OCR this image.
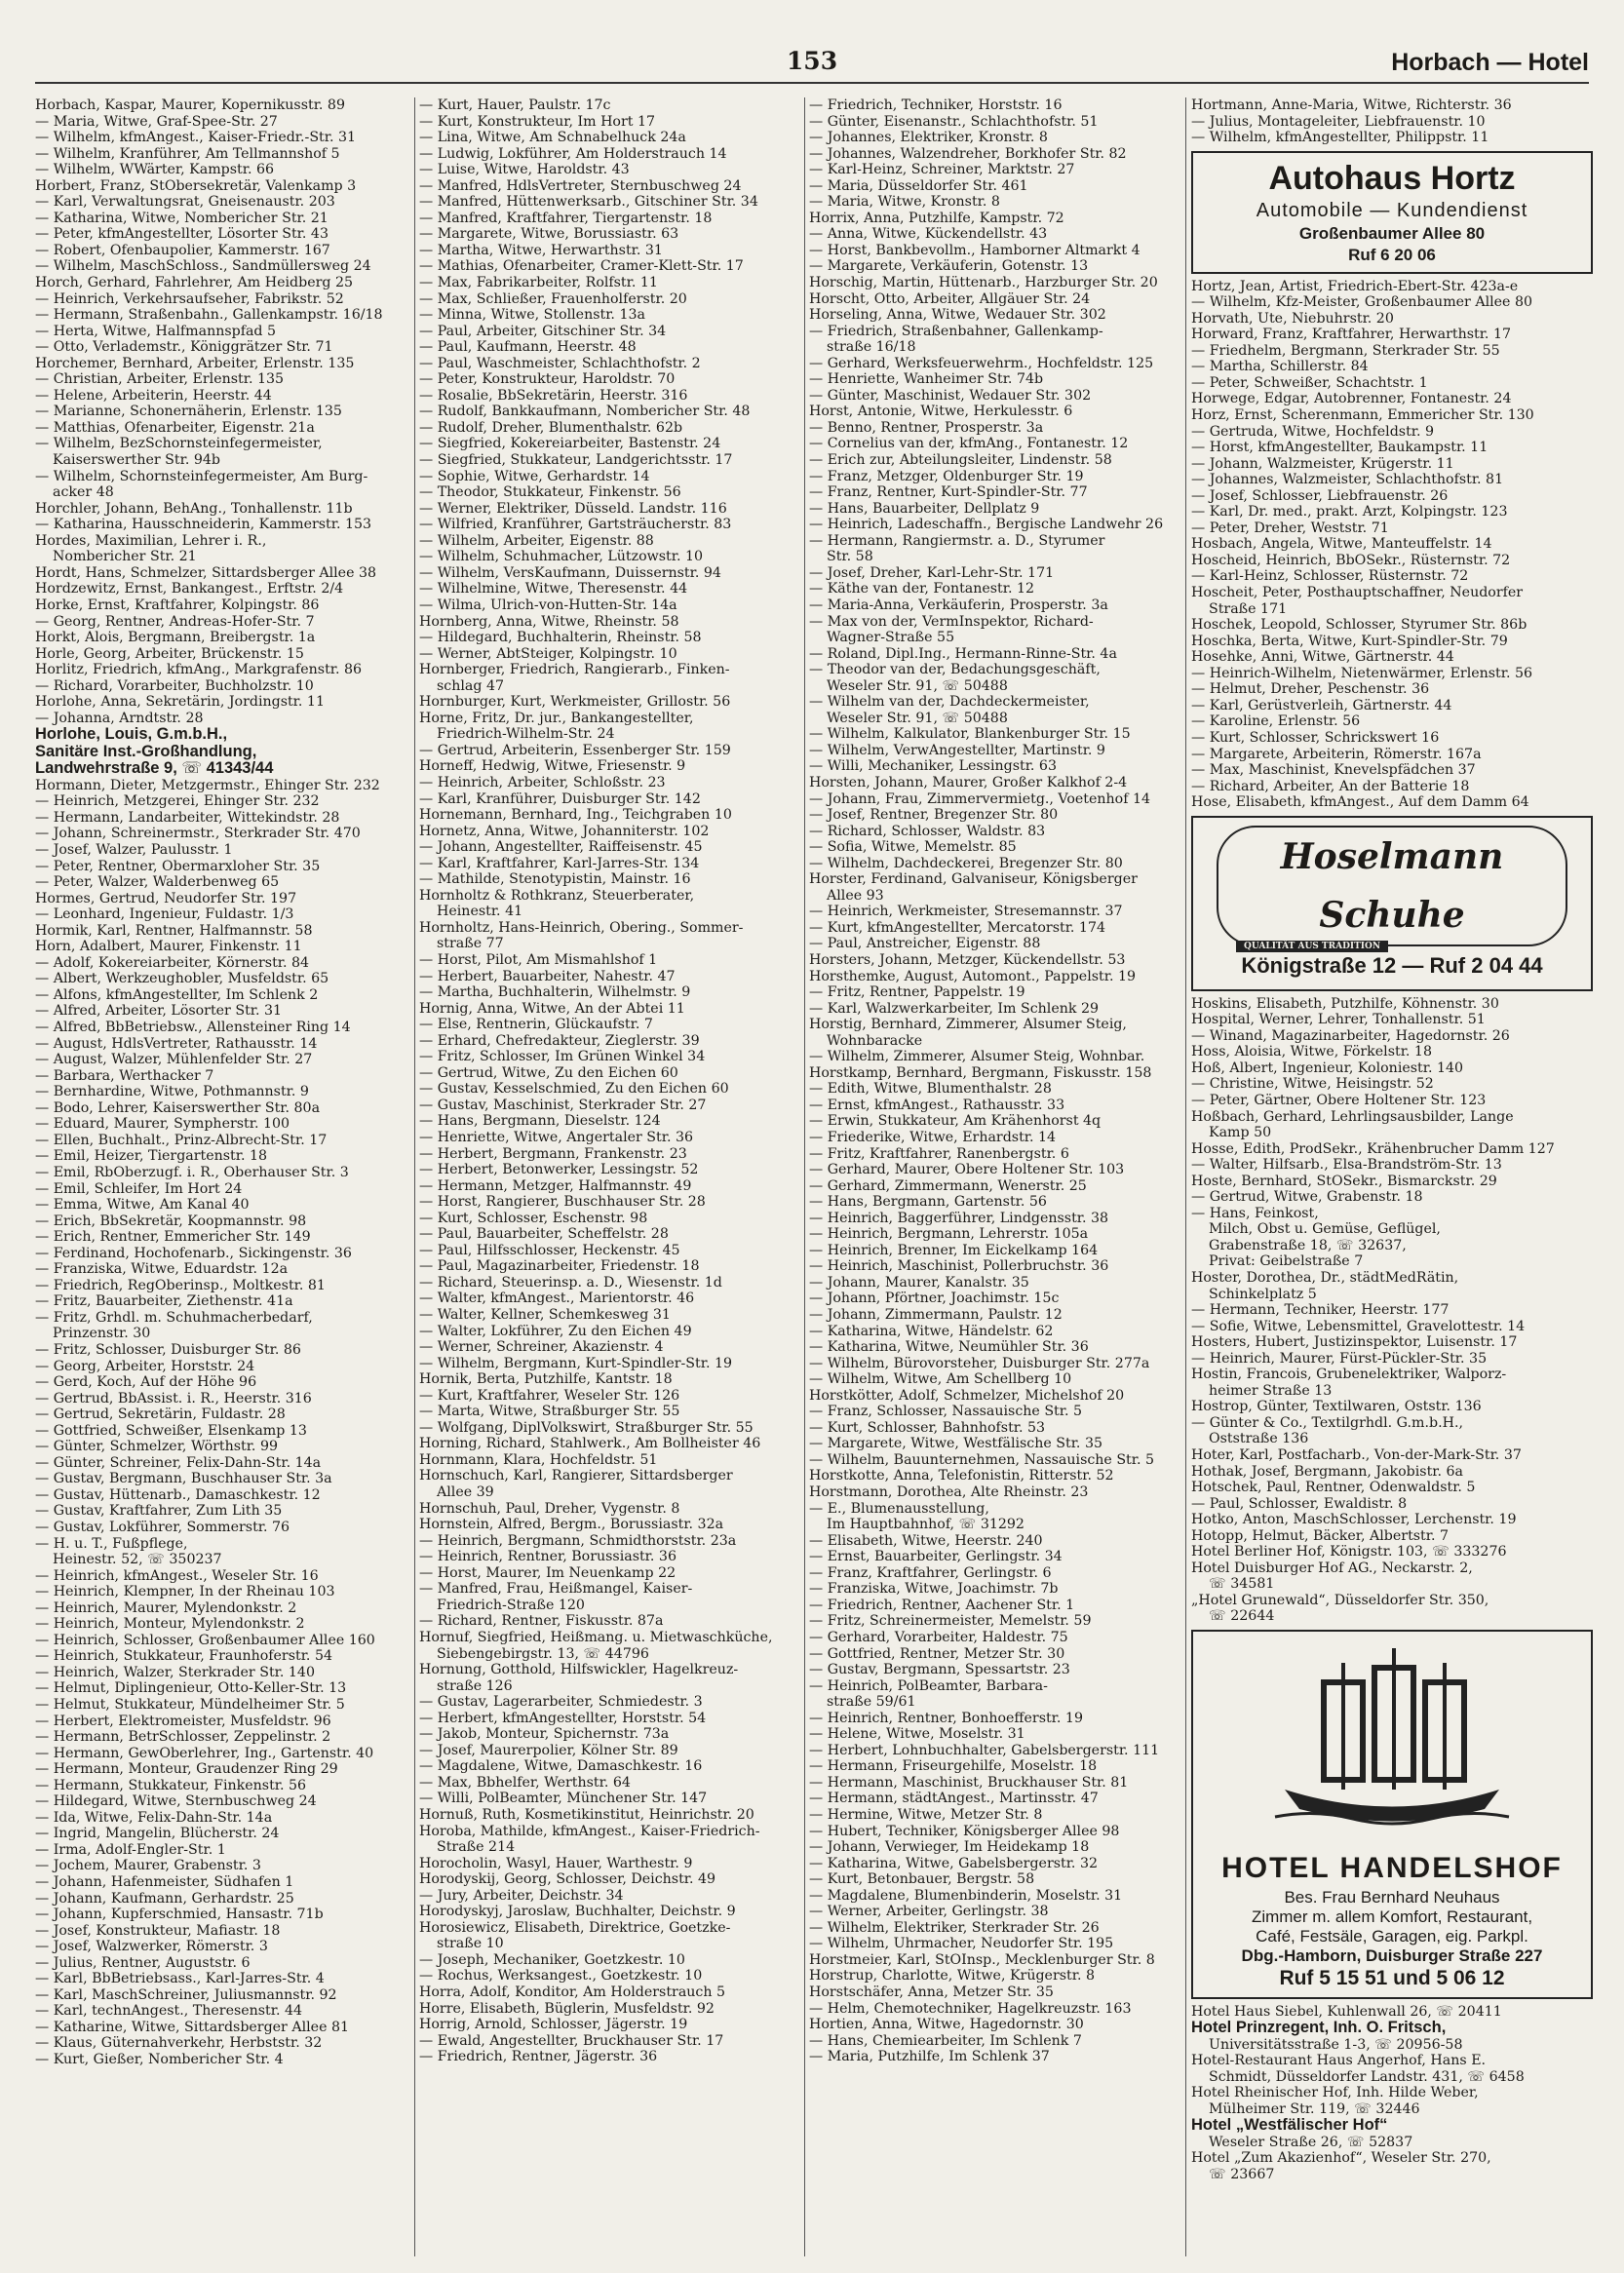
153	Horbach — Hotel
Horbach, Kaspar, Maurer, Kopernikusstr. 89
— Maria, Witwe, Graf-Spee-Str. 27
— Wilhelm, kfmAngest., Kaiser-Friedr.-Str. 31
— Wilhelm, Kranführer, Am Tellmannshof 5
— Wilhelm, WWärter, Kampstr. 66
Horbert, Franz, StObersekretär, Valenkamp 3
— Karl, Verwaltungsrat, Gneisenaustr. 203
— Katharina, Witwe, Nombericher Str. 21
— Peter, kfmAngestellter, Lösorter Str. 43
— Robert, Ofenbaupolier, Kammerstr. 167
— Wilhelm, MaschSchloss., Sandmüllersweg 24
Horch, Gerhard, Fahrlehrer, Am Heidberg 25
— Heinrich, Verkehrsaufseher, Fabrikstr. 52
— Hermann, Straßenbahn., Gallenkampstr. 16/18
— Herta, Witwe, Halfmannspfad 5
— Otto, Verlademstr., Königgrätzer Str. 71
Horchemer, Bernhard, Arbeiter, Erlenstr. 135
— Christian, Arbeiter, Erlenstr. 135
— Helene, Arbeiterin, Heerstr. 44
— Marianne, Schonernäherin, Erlenstr. 135
— Matthias, Ofenarbeiter, Eigenstr. 21a
— Wilhelm, BezSchornsteinfegermeister,
Kaiserswerther Str. 94b
— Wilhelm, Schornsteinfegermeister, Am Burg-
acker 48
Horchler, Johann, BehAng., Tonhallenstr. 11b
— Katharina, Hausschneiderin, Kammerstr. 153
Hordes, Maximilian, Lehrer i. R.,
Nombericher Str. 21
Hordt, Hans, Schmelzer, Sittardsberger Allee 38
Hordzewitz, Ernst, Bankangest., Erftstr. 2/4
Horke, Ernst, Kraftfahrer, Kolpingstr. 86
— Georg, Rentner, Andreas-Hofer-Str. 7
Horkt, Alois, Bergmann, Breibergstr. 1a
Horle, Georg, Arbeiter, Brückenstr. 15
Horlitz, Friedrich, kfmAng., Markgrafenstr. 86
— Richard, Vorarbeiter, Buchholzstr. 10
Horlohe, Anna, Sekretärin, Jordingstr. 11
— Johanna, Arndtstr. 28
Horlohe, Louis, G.m.b.H.,
Sanitäre Inst.-Großhandlung,
Landwehrstraße 9, ☏ 41343/44
Hormann, Dieter, Metzgermstr., Ehinger Str. 232
— Heinrich, Metzgerei, Ehinger Str. 232
— Hermann, Landarbeiter, Wittekindstr. 28
— Johann, Schreinermstr., Sterkrader Str. 470
— Josef, Walzer, Paulusstr. 1
— Peter, Rentner, Obermarxloher Str. 35
— Peter, Walzer, Walderbenweg 65
Hormes, Gertrud, Neudorfer Str. 197
— Leonhard, Ingenieur, Fuldastr. 1/3
Hormik, Karl, Rentner, Halfmannstr. 58
Horn, Adalbert, Maurer, Finkenstr. 11
— Adolf, Kokereiarbeiter, Körnerstr. 84
— Albert, Werkzeughobler, Musfeldstr. 65
— Alfons, kfmAngestellter, Im Schlenk 2
— Alfred, Arbeiter, Lösorter Str. 31
— Alfred, BbBetriebsw., Allensteiner Ring 14
— August, HdlsVertreter, Rathausstr. 14
— August, Walzer, Mühlenfelder Str. 27
— Barbara, Werthacker 7
— Bernhardine, Witwe, Pothmannstr. 9
— Bodo, Lehrer, Kaiserswerther Str. 80a
— Eduard, Maurer, Sympherstr. 100
— Ellen, Buchhalt., Prinz-Albrecht-Str. 17
— Emil, Heizer, Tiergartenstr. 18
— Emil, RbOberzugf. i. R., Oberhauser Str. 3
— Emil, Schleifer, Im Hort 24
— Emma, Witwe, Am Kanal 40
— Erich, BbSekretär, Koopmannstr. 98
— Erich, Rentner, Emmericher Str. 149
— Ferdinand, Hochofenarb., Sickingenstr. 36
— Franziska, Witwe, Eduardstr. 12a
— Friedrich, RegOberinsp., Moltkestr. 81
— Fritz, Bauarbeiter, Ziethenstr. 41a
— Fritz, Grhdl. m. Schuhmacherbedarf,
Prinzenstr. 30
— Fritz, Schlosser, Duisburger Str. 86
— Georg, Arbeiter, Horststr. 24
— Gerd, Koch, Auf der Höhe 96
— Gertrud, BbAssist. i. R., Heerstr. 316
— Gertrud, Sekretärin, Fuldastr. 28
— Gottfried, Schweißer, Elsenkamp 13
— Günter, Schmelzer, Wörthstr. 99
— Günter, Schreiner, Felix-Dahn-Str. 14a
— Gustav, Bergmann, Buschhauser Str. 3a
— Gustav, Hüttenarb., Damaschkestr. 12
— Gustav, Kraftfahrer, Zum Lith 35
— Gustav, Lokführer, Sommerstr. 76
— H. u. T., Fußpflege,
Heinestr. 52, ☏ 350237
— Heinrich, kfmAngest., Weseler Str. 16
— Heinrich, Klempner, In der Rheinau 103
— Heinrich, Maurer, Mylendonkstr. 2
— Heinrich, Monteur, Mylendonkstr. 2
— Heinrich, Schlosser, Großenbaumer Allee 160
— Heinrich, Stukkateur, Fraunhoferstr. 54
— Heinrich, Walzer, Sterkrader Str. 140
— Helmut, Diplingenieur, Otto-Keller-Str. 13
— Helmut, Stukkateur, Mündelheimer Str. 5
— Herbert, Elektromeister, Musfeldstr. 96
— Hermann, BetrSchlosser, Zeppelinstr. 2
— Hermann, GewOberlehrer, Ing., Gartenstr. 40
— Hermann, Monteur, Graudenzer Ring 29
— Hermann, Stukkateur, Finkenstr. 56
— Hildegard, Witwe, Sternbuschweg 24
— Ida, Witwe, Felix-Dahn-Str. 14a
— Ingrid, Mangelin, Blücherstr. 24
— Irma, Adolf-Engler-Str. 1
— Jochem, Maurer, Grabenstr. 3
— Johann, Hafenmeister, Südhafen 1
— Johann, Kaufmann, Gerhardstr. 25
— Johann, Kupferschmied, Hansastr. 71b
— Josef, Konstrukteur, Mafiastr. 18
— Josef, Walzwerker, Römerstr. 3
— Julius, Rentner, Auguststr. 6
— Karl, BbBetriebsass., Karl-Jarres-Str. 4
— Karl, MaschSchreiner, Juliusmannstr. 92
— Karl, technAngest., Theresenstr. 44
— Katharine, Witwe, Sittardsberger Allee 81
— Klaus, Güternahverkehr, Herbststr. 32
— Kurt, Gießer, Nombericher Str. 4
— Kurt, Hauer, Paulstr. 17c
— Kurt, Konstrukteur, Im Hort 17
— Lina, Witwe, Am Schnabelhuck 24a
— Ludwig, Lokführer, Am Holderstrauch 14
— Luise, Witwe, Haroldstr. 43
— Manfred, HdlsVertreter, Sternbuschweg 24
— Manfred, Hüttenwerksarb., Gitschiner Str. 34
— Manfred, Kraftfahrer, Tiergartenstr. 18
— Margarete, Witwe, Borussiastr. 63
— Martha, Witwe, Herwarthstr. 31
— Mathias, Ofenarbeiter, Cramer-Klett-Str. 17
— Max, Fabrikarbeiter, Rolfstr. 11
— Max, Schließer, Frauenholferstr. 20
— Minna, Witwe, Stollenstr. 13a
— Paul, Arbeiter, Gitschiner Str. 34
— Paul, Kaufmann, Heerstr. 48
— Paul, Waschmeister, Schlachthofstr. 2
— Peter, Konstrukteur, Haroldstr. 70
— Rosalie, BbSekretärin, Heerstr. 316
— Rudolf, Bankkaufmann, Nombericher Str. 48
— Rudolf, Dreher, Blumenthalstr. 62b
— Siegfried, Kokereiarbeiter, Bastenstr. 24
— Siegfried, Stukkateur, Landgerichtsstr. 17
— Sophie, Witwe, Gerhardstr. 14
— Theodor, Stukkateur, Finkenstr. 56
— Werner, Elektriker, Düsseld. Landstr. 116
— Wilfried, Kranführer, Gartsträucherstr. 83
— Wilhelm, Arbeiter, Eigenstr. 88
— Wilhelm, Schuhmacher, Lützowstr. 10
— Wilhelm, VersKaufmann, Duissernstr. 94
— Wilhelmine, Witwe, Theresenstr. 44
— Wilma, Ulrich-von-Hutten-Str. 14a
Hornberg, Anna, Witwe, Rheinstr. 58
— Hildegard, Buchhalterin, Rheinstr. 58
— Werner, AbtSteiger, Kolpingstr. 10
Hornberger, Friedrich, Rangierarb., Finken-
schlag 47
Hornburger, Kurt, Werkmeister, Grillostr. 56
Horne, Fritz, Dr. jur., Bankangestellter,
Friedrich-Wilhelm-Str. 24
— Gertrud, Arbeiterin, Essenberger Str. 159
Horneff, Hedwig, Witwe, Friesenstr. 9
— Heinrich, Arbeiter, Schloßstr. 23
— Karl, Kranführer, Duisburger Str. 142
Hornemann, Bernhard, Ing., Teichgraben 10
Hornetz, Anna, Witwe, Johanniterstr. 102
— Johann, Angestellter, Raiffeisenstr. 45
— Karl, Kraftfahrer, Karl-Jarres-Str. 134
— Mathilde, Stenotypistin, Mainstr. 16
Hornholtz & Rothkranz, Steuerberater,
Heinestr. 41
Hornholtz, Hans-Heinrich, Obering., Sommer-
straße 77
— Horst, Pilot, Am Mismahlshof 1
— Herbert, Bauarbeiter, Nahestr. 47
— Martha, Buchhalterin, Wilhelmstr. 9
Hornig, Anna, Witwe, An der Abtei 11
— Else, Rentnerin, Glückaufstr. 7
— Erhard, Chefredakteur, Zieglerstr. 39
— Fritz, Schlosser, Im Grünen Winkel 34
— Gertrud, Witwe, Zu den Eichen 60
— Gustav, Kesselschmied, Zu den Eichen 60
— Gustav, Maschinist, Sterkrader Str. 27
— Hans, Bergmann, Dieselstr. 124
— Henriette, Witwe, Angertaler Str. 36
— Herbert, Bergmann, Frankenstr. 23
— Herbert, Betonwerker, Lessingstr. 52
— Hermann, Metzger, Halfmannstr. 49
— Horst, Rangierer, Buschhauser Str. 28
— Kurt, Schlosser, Eschenstr. 98
— Paul, Bauarbeiter, Scheffelstr. 28
— Paul, Hilfsschlosser, Heckenstr. 45
— Paul, Magazinarbeiter, Friedenstr. 18
— Richard, Steuerinsp. a. D., Wiesenstr. 1d
— Walter, kfmAngest., Marientorstr. 46
— Walter, Kellner, Schemkesweg 31
— Walter, Lokführer, Zu den Eichen 49
— Werner, Schreiner, Akazienstr. 4
— Wilhelm, Bergmann, Kurt-Spindler-Str. 19
Hornik, Berta, Putzhilfe, Kantstr. 18
— Kurt, Kraftfahrer, Weseler Str. 126
— Marta, Witwe, Straßburger Str. 55
— Wolfgang, DiplVolkswirt, Straßburger Str. 55
Horning, Richard, Stahlwerk., Am Bollheister 46
Hornmann, Klara, Hochfeldstr. 51
Hornschuch, Karl, Rangierer, Sittardsberger
Allee 39
Hornschuh, Paul, Dreher, Vygenstr. 8
Hornstein, Alfred, Bergm., Borussiastr. 32a
— Heinrich, Bergmann, Schmidthorststr. 23a
— Heinrich, Rentner, Borussiastr. 36
— Horst, Maurer, Im Neuenkamp 22
— Manfred, Frau, Heißmangel, Kaiser-
Friedrich-Straße 120
— Richard, Rentner, Fiskusstr. 87a
Hornuf, Siegfried, Heißmang. u. Mietwaschküche,
Siebengebirgstr. 13, ☏ 44796
Hornung, Gotthold, Hilfswickler, Hagelkreuz-
straße 126
— Gustav, Lagerarbeiter, Schmiedestr. 3
— Herbert, kfmAngestellter, Horststr. 54
— Jakob, Monteur, Spichernstr. 73a
— Josef, Maurerpolier, Kölner Str. 89
— Magdalene, Witwe, Damaschkestr. 16
— Max, Bbhelfer, Werthstr. 64
— Willi, PolBeamter, Münchener Str. 147
Hornuß, Ruth, Kosmetikinstitut, Heinrichstr. 20
Horoba, Mathilde, kfmAngest., Kaiser-Friedrich-
Straße 214
Horocholin, Wasyl, Hauer, Warthestr. 9
Horodyskij, Georg, Schlosser, Deichstr. 49
— Jury, Arbeiter, Deichstr. 34
Horodyskyj, Jaroslaw, Buchhalter, Deichstr. 9
Horosiewicz, Elisabeth, Direktrice, Goetzke-
straße 10
— Joseph, Mechaniker, Goetzkestr. 10
— Rochus, Werksangest., Goetzkestr. 10
Horra, Adolf, Konditor, Am Holderstrauch 5
Horre, Elisabeth, Büglerin, Musfeldstr. 92
Horrig, Arnold, Schlosser, Jägerstr. 19
— Ewald, Angestellter, Bruckhauser Str. 17
— Friedrich, Rentner, Jägerstr. 36
— Friedrich, Techniker, Horststr. 16
— Günter, Eisenanstr., Schlachthofstr. 51
— Johannes, Elektriker, Kronstr. 8
— Johannes, Walzendreher, Borkhofer Str. 82
— Karl-Heinz, Schreiner, Marktstr. 27
— Maria, Düsseldorfer Str. 461
— Maria, Witwe, Kronstr. 8
Horrix, Anna, Putzhilfe, Kampstr. 72
— Anna, Witwe, Kückendellstr. 43
— Horst, Bankbevollm., Hamborner Altmarkt 4
— Margarete, Verkäuferin, Gotenstr. 13
Horschig, Martin, Hüttenarb., Harzburger Str. 20
Horscht, Otto, Arbeiter, Allgäuer Str. 24
Horseling, Anna, Witwe, Wedauer Str. 302
— Friedrich, Straßenbahner, Gallenkamp-
straße 16/18
— Gerhard, Werksfeuerwehrm., Hochfeldstr. 125
— Henriette, Wanheimer Str. 74b
— Günter, Maschinist, Wedauer Str. 302
Horst, Antonie, Witwe, Herkulesstr. 6
— Benno, Rentner, Prosperstr. 3a
— Cornelius van der, kfmAng., Fontanestr. 12
— Erich zur, Abteilungsleiter, Lindenstr. 58
— Franz, Metzger, Oldenburger Str. 19
— Franz, Rentner, Kurt-Spindler-Str. 77
— Hans, Bauarbeiter, Dellplatz 9
— Heinrich, Ladeschaffn., Bergische Landwehr 26
— Hermann, Rangiermstr. a. D., Styrumer
Str. 58
— Josef, Dreher, Karl-Lehr-Str. 171
— Käthe van der, Fontanestr. 12
— Maria-Anna, Verkäuferin, Prosperstr. 3a
— Max von der, VermInspektor, Richard-
Wagner-Straße 55
— Roland, Dipl.Ing., Hermann-Rinne-Str. 4a
— Theodor van der, Bedachungsgeschäft,
Weseler Str. 91, ☏ 50488
— Wilhelm van der, Dachdeckermeister,
Weseler Str. 91, ☏ 50488
— Wilhelm, Kalkulator, Blankenburger Str. 15
— Wilhelm, VerwAngestellter, Martinstr. 9
— Willi, Mechaniker, Lessingstr. 63
Horsten, Johann, Maurer, Großer Kalkhof 2-4
— Johann, Frau, Zimmervermietg., Voetenhof 14
— Josef, Rentner, Bregenzer Str. 80
— Richard, Schlosser, Waldstr. 83
— Sofia, Witwe, Memelstr. 85
— Wilhelm, Dachdeckerei, Bregenzer Str. 80
Horster, Ferdinand, Galvaniseur, Königsberger
Allee 93
— Heinrich, Werkmeister, Stresemannstr. 37
— Kurt, kfmAngestellter, Mercatorstr. 174
— Paul, Anstreicher, Eigenstr. 88
Horsters, Johann, Metzger, Kückendellstr. 53
Horsthemke, August, Automont., Pappelstr. 19
— Fritz, Rentner, Pappelstr. 19
— Karl, Walzwerkarbeiter, Im Schlenk 29
Horstig, Bernhard, Zimmerer, Alsumer Steig,
Wohnbaracke
— Wilhelm, Zimmerer, Alsumer Steig, Wohnbar.
Horstkamp, Bernhard, Bergmann, Fiskusstr. 158
— Edith, Witwe, Blumenthalstr. 28
— Ernst, kfmAngest., Rathausstr. 33
— Erwin, Stukkateur, Am Krähenhorst 4q
— Friederike, Witwe, Erhardstr. 14
— Fritz, Kraftfahrer, Ranenbergstr. 6
— Gerhard, Maurer, Obere Holtener Str. 103
— Gerhard, Zimmermann, Wenerstr. 25
— Hans, Bergmann, Gartenstr. 56
— Heinrich, Baggerführer, Lindgensstr. 38
— Heinrich, Bergmann, Lehrerstr. 105a
— Heinrich, Brenner, Im Eickelkamp 164
— Heinrich, Maschinist, Pollerbruchstr. 36
— Johann, Maurer, Kanalstr. 35
— Johann, Pförtner, Joachimstr. 15c
— Johann, Zimmermann, Paulstr. 12
— Katharina, Witwe, Händelstr. 62
— Katharina, Witwe, Neumühler Str. 36
— Wilhelm, Bürovorsteher, Duisburger Str. 277a
— Wilhelm, Witwe, Am Schellberg 10
Horstkötter, Adolf, Schmelzer, Michelshof 20
— Franz, Schlosser, Nassauische Str. 5
— Kurt, Schlosser, Bahnhofstr. 53
— Margarete, Witwe, Westfälische Str. 35
— Wilhelm, Bauunternehmen, Nassauische Str. 5
Horstkotte, Anna, Telefonistin, Ritterstr. 52
Horstmann, Dorothea, Alte Rheinstr. 23
— E., Blumenausstellung,
Im Hauptbahnhof, ☏ 31292
— Elisabeth, Witwe, Heerstr. 240
— Ernst, Bauarbeiter, Gerlingstr. 34
— Franz, Kraftfahrer, Gerlingstr. 6
— Franziska, Witwe, Joachimstr. 7b
— Friedrich, Rentner, Aachener Str. 1
— Fritz, Schreinermeister, Memelstr. 59
— Gerhard, Vorarbeiter, Haldestr. 75
— Gottfried, Rentner, Metzer Str. 30
— Gustav, Bergmann, Spessartstr. 23
— Heinrich, PolBeamter, Barbara-
straße 59/61
— Heinrich, Rentner, Bonhoefferstr. 19
— Helene, Witwe, Moselstr. 31
— Herbert, Lohnbuchhalter, Gabelsbergerstr. 111
— Hermann, Friseurgehilfe, Moselstr. 18
— Hermann, Maschinist, Bruckhauser Str. 81
— Hermann, städtAngest., Martinsstr. 47
— Hermine, Witwe, Metzer Str. 8
— Hubert, Techniker, Königsberger Allee 98
— Johann, Verwieger, Im Heidekamp 18
— Katharina, Witwe, Gabelsbergerstr. 32
— Kurt, Betonbauer, Bergstr. 58
— Magdalene, Blumenbinderin, Moselstr. 31
— Werner, Arbeiter, Gerlingstr. 38
— Wilhelm, Elektriker, Sterkrader Str. 26
— Wilhelm, Uhrmacher, Neudorfer Str. 195
Horstmeier, Karl, StOInsp., Mecklenburger Str. 8
Horstrup, Charlotte, Witwe, Krügerstr. 8
Horstschäfer, Anna, Metzer Str. 35
— Helm, Chemotechniker, Hagelkreuzstr. 163
Hortien, Anna, Witwe, Hagedornstr. 30
— Hans, Chemiearbeiter, Im Schlenk 7
— Maria, Putzhilfe, Im Schlenk 37
Hortmann, Anne-Maria, Witwe, Richterstr. 36
— Julius, Montageleiter, Liebfrauenstr. 10
— Wilhelm, kfmAngestellter, Philippstr. 11
Autohaus Hortz
Automobile — Kundendienst
Großenbaumer Allee 80
Ruf 6 20 06
Hortz, Jean, Artist, Friedrich-Ebert-Str. 423a-e
— Wilhelm, Kfz-Meister, Großenbaumer Allee 80
Horvath, Ute, Niebuhrstr. 20
Horward, Franz, Kraftfahrer, Herwarthstr. 17
— Friedhelm, Bergmann, Sterkrader Str. 55
— Martha, Schillerstr. 84
— Peter, Schweißer, Schachtstr. 1
Horwege, Edgar, Autobrenner, Fontanestr. 24
Horz, Ernst, Scherenmann, Emmericher Str. 130
— Gertruda, Witwe, Hochfeldstr. 9
— Horst, kfmAngestellter, Baukampstr. 11
— Johann, Walzmeister, Krügerstr. 11
— Johannes, Walzmeister, Schlachthofstr. 81
— Josef, Schlosser, Liebfrauenstr. 26
— Karl, Dr. med., prakt. Arzt, Kolpingstr. 123
— Peter, Dreher, Weststr. 71
Hosbach, Angela, Witwe, Manteuffelstr. 14
Hoscheid, Heinrich, BbOSekr., Rüsternstr. 72
— Karl-Heinz, Schlosser, Rüsternstr. 72
Hoscheit, Peter, Posthauptschaffner, Neudorfer
Straße 171
Hoschek, Leopold, Schlosser, Styrumer Str. 86b
Hoschka, Berta, Witwe, Kurt-Spindler-Str. 79
Hosehke, Anni, Witwe, Gärtnerstr. 44
— Heinrich-Wilhelm, Nietenwärmer, Erlenstr. 56
— Helmut, Dreher, Peschenstr. 36
— Karl, Gerüstverleih, Gärtnerstr. 44
— Karoline, Erlenstr. 56
— Kurt, Schlosser, Schrickswert 16
— Margarete, Arbeiterin, Römerstr. 167a
— Max, Maschinist, Knevelspfädchen 37
— Richard, Arbeiter, An der Batterie 18
Hose, Elisabeth, kfmAngest., Auf dem Damm 64
Hoselmann Schuhe
QUALITÄT AUS TRADITION
Königstraße 12 — Ruf 2 04 44
Hoskins, Elisabeth, Putzhilfe, Köhnenstr. 30
Hospital, Werner, Lehrer, Tonhallenstr. 51
— Winand, Magazinarbeiter, Hagedornstr. 26
Hoss, Aloisia, Witwe, Förkelstr. 18
Hoß, Albert, Ingenieur, Koloniestr. 140
— Christine, Witwe, Heisingstr. 52
— Peter, Gärtner, Obere Holtener Str. 123
Hoßbach, Gerhard, Lehrlingsausbilder, Lange
Kamp 50
Hosse, Edith, ProdSekr., Krähenbrucher Damm 127
— Walter, Hilfsarb., Elsa-Brandström-Str. 13
Hoste, Bernhard, StOSekr., Bismarckstr. 29
— Gertrud, Witwe, Grabenstr. 18
— Hans, Feinkost,
Milch, Obst u. Gemüse, Geflügel,
Grabenstraße 18, ☏ 32637,
Privat: Geibelstraße 7
Hoster, Dorothea, Dr., städtMedRätin,
Schinkelplatz 5
— Hermann, Techniker, Heerstr. 177
— Sofie, Witwe, Lebensmittel, Gravelottestr. 14
Hosters, Hubert, Justizinspektor, Luisenstr. 17
— Heinrich, Maurer, Fürst-Pückler-Str. 35
Hostin, Francois, Grubenelektriker, Walporz-
heimer Straße 13
Hostrop, Günter, Textilwaren, Oststr. 136
— Günter & Co., Textilgrhdl. G.m.b.H.,
Oststraße 136
Hoter, Karl, Postfacharb., Von-der-Mark-Str. 37
Hothak, Josef, Bergmann, Jakobistr. 6a
Hotschek, Paul, Rentner, Odenwaldstr. 5
— Paul, Schlosser, Ewaldistr. 8
Hotko, Anton, MaschSchlosser, Lerchenstr. 19
Hotopp, Helmut, Bäcker, Albertstr. 7
Hotel Berliner Hof, Königstr. 103, ☏ 333276
Hotel Duisburger Hof AG., Neckarstr. 2,
☏ 34581
„Hotel Grunewald“, Düsseldorfer Str. 350,
☏ 22644
HOTEL HANDELSHOF
Bes. Frau Bernhard Neuhaus
Zimmer m. allem Komfort, Restaurant,
Café, Festsäle, Garagen, eig. Parkpl.
Dbg.-Hamborn, Duisburger Straße 227
Ruf 5 15 51 und 5 06 12
Hotel Haus Siebel, Kuhlenwall 26, ☏ 20411
Hotel Prinzregent, Inh. O. Fritsch,
Universitätsstraße 1-3, ☏ 20956-58
Hotel-Restaurant Haus Angerhof, Hans E.
Schmidt, Düsseldorfer Landstr. 431, ☏ 6458
Hotel Rheinischer Hof, Inh. Hilde Weber,
Mülheimer Str. 119, ☏ 32446
Hotel „Westfälischer Hof“
Weseler Straße 26, ☏ 52837
Hotel „Zum Akazienhof“, Weseler Str. 270,
☏ 23667
